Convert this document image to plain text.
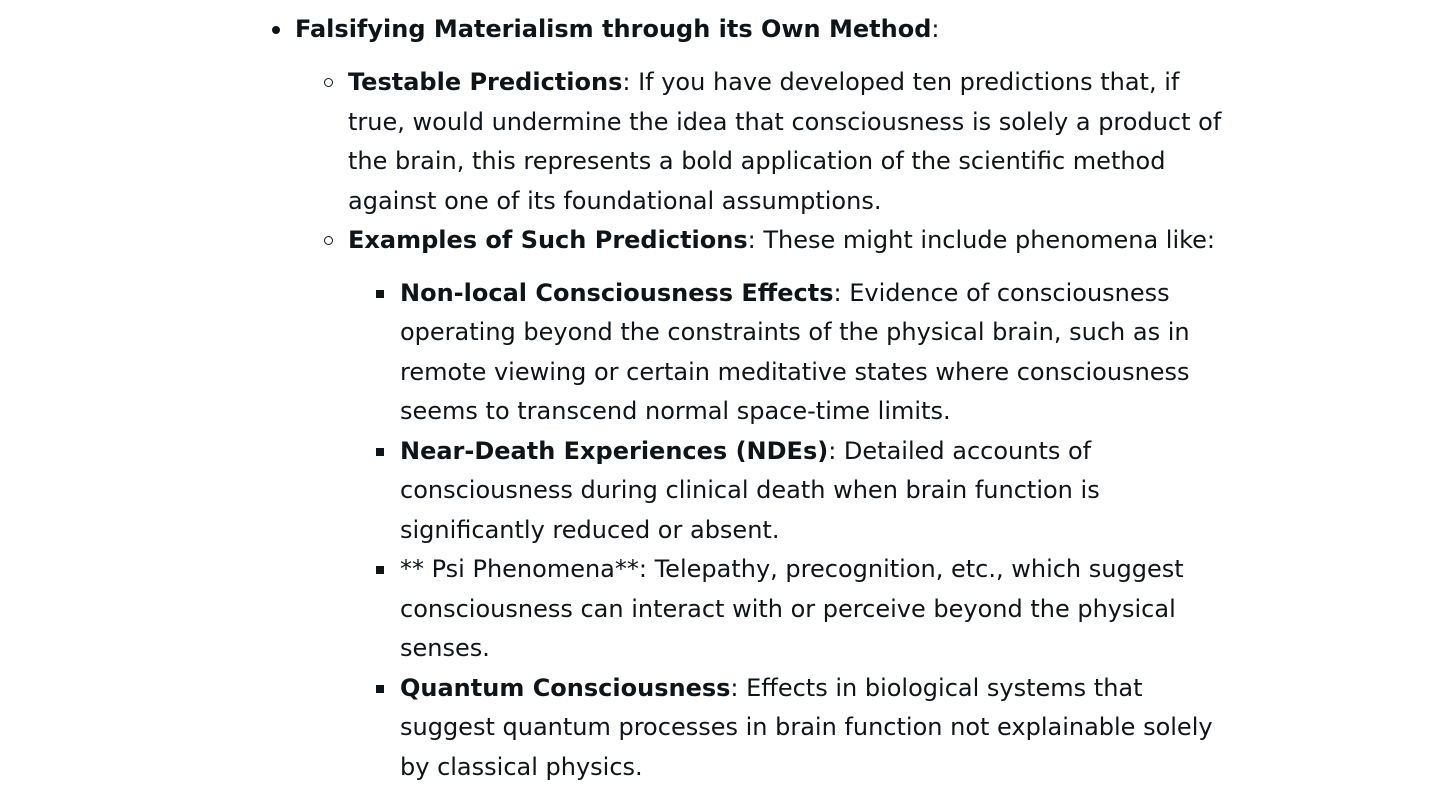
Falsifying Materialism through its Own Method:
Testable Predictions: If you have developed ten predictions that, if true, would undermine the idea that consciousness is solely a product of the brain, this represents a bold application of the scientific method against one of its foundational assumptions.
Examples of Such Predictions: These might include phenomena like:
Non-local Consciousness Effects: Evidence of consciousness operating beyond the constraints of the physical brain, such as in remote viewing or certain meditative states where consciousness seems to transcend normal space-time limits.
Near-Death Experiences (NDEs): Detailed accounts of consciousness during clinical death when brain function is significantly reduced or absent.
** Psi Phenomena**: Telepathy, precognition, etc., which suggest consciousness can interact with or perceive beyond the physical senses.
Quantum Consciousness: Effects in biological systems that suggest quantum processes in brain function not explainable solely by classical physics.
